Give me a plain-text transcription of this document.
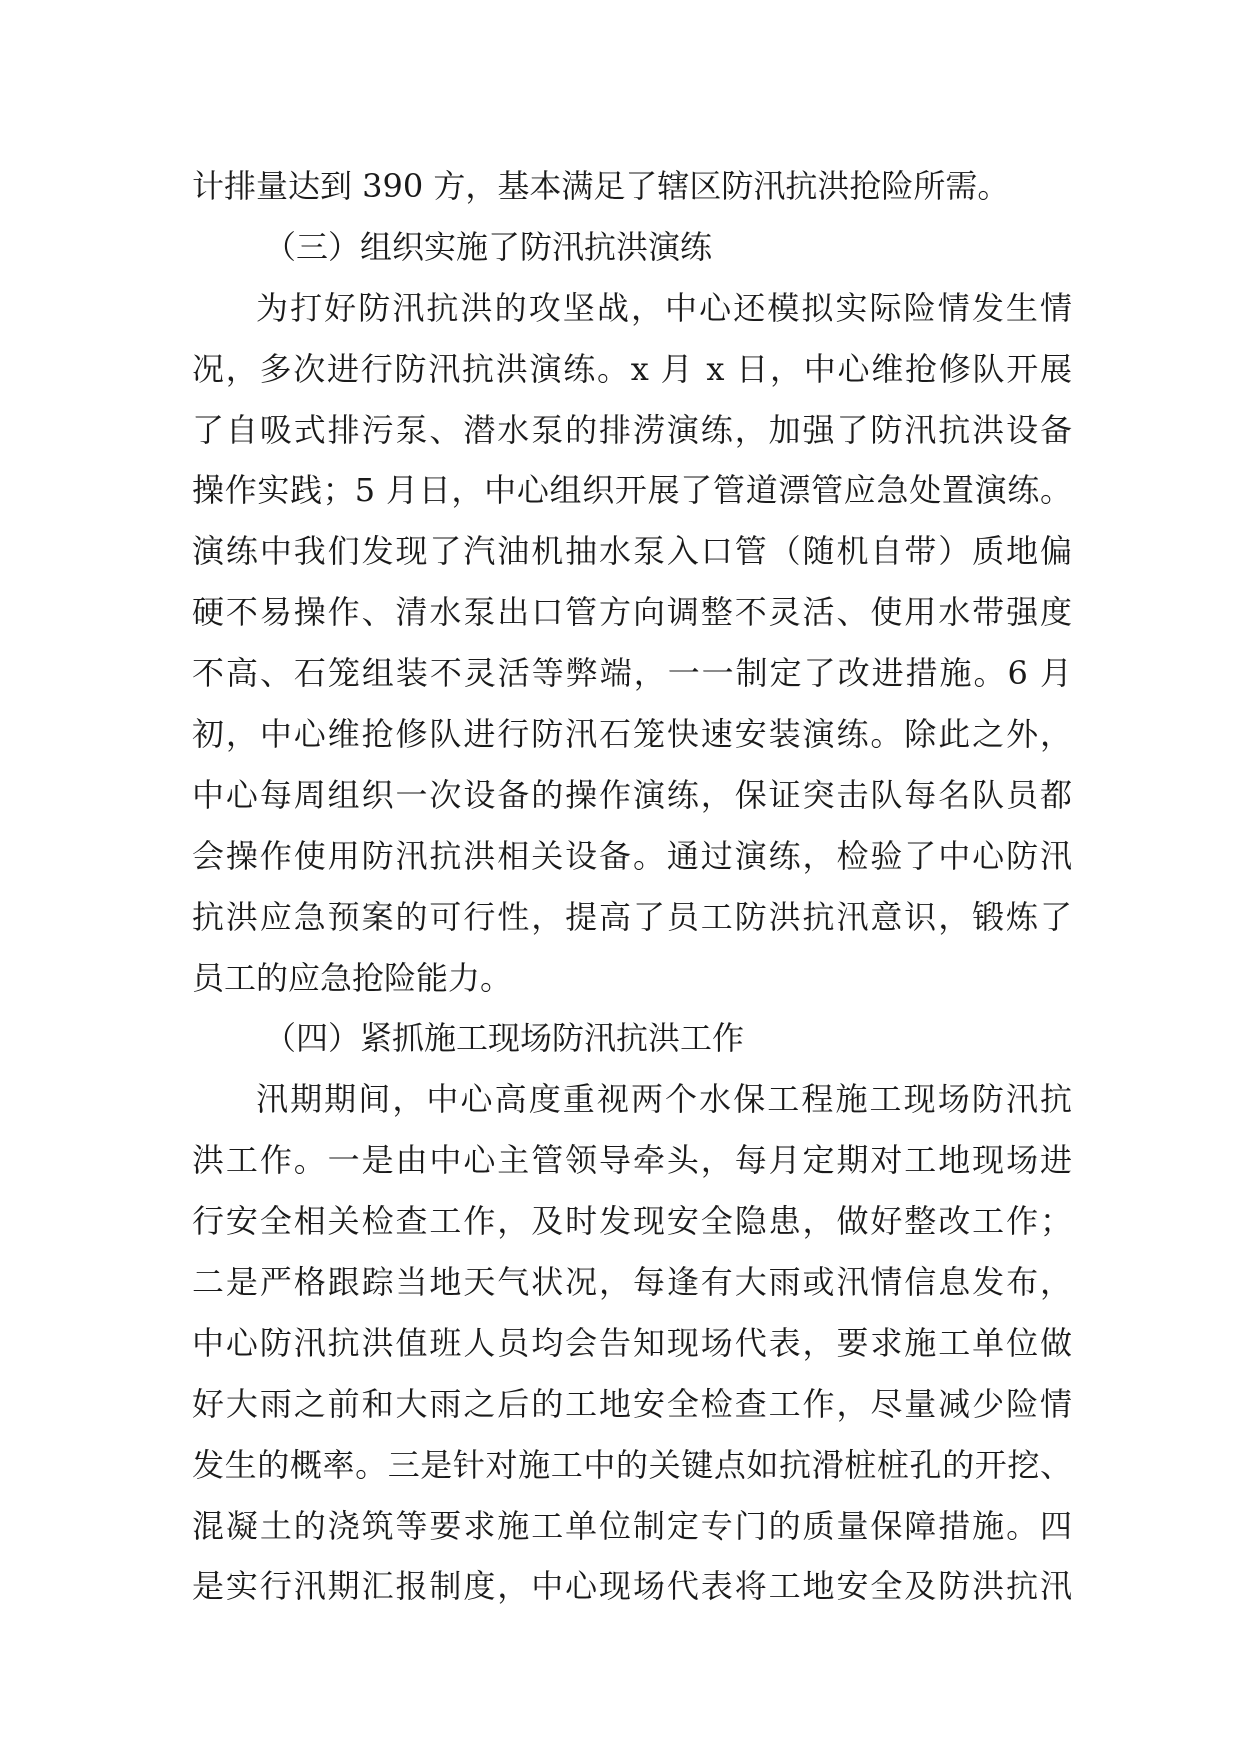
计排量达到 390 方，基本满足了辖区防汛抗洪抢险所需。
（三）组织实施了防汛抗洪演练
为打好防汛抗洪的攻坚战，中心还模拟实际险情发生情
况，多次进行防汛抗洪演练。x 月 x 日，中心维抢修队开展
了自吸式排污泵、潜水泵的排涝演练，加强了防汛抗洪设备
操作实践；5 月日，中心组织开展了管道漂管应急处置演练。
演练中我们发现了汽油机抽水泵入口管（随机自带）质地偏
硬不易操作、清水泵出口管方向调整不灵活、使用水带强度
不高、石笼组装不灵活等弊端，一一制定了改进措施。6 月
初，中心维抢修队进行防汛石笼快速安装演练。除此之外，
中心每周组织一次设备的操作演练，保证突击队每名队员都
会操作使用防汛抗洪相关设备。通过演练，检验了中心防汛
抗洪应急预案的可行性，提高了员工防洪抗汛意识，锻炼了
员工的应急抢险能力。
（四）紧抓施工现场防汛抗洪工作
汛期期间，中心高度重视两个水保工程施工现场防汛抗
洪工作。一是由中心主管领导牵头，每月定期对工地现场进
行安全相关检查工作，及时发现安全隐患，做好整改工作；
二是严格跟踪当地天气状况，每逢有大雨或汛情信息发布，
中心防汛抗洪值班人员均会告知现场代表，要求施工单位做
好大雨之前和大雨之后的工地安全检查工作，尽量减少险情
发生的概率。三是针对施工中的关键点如抗滑桩桩孔的开挖、
混凝土的浇筑等要求施工单位制定专门的质量保障措施。四
是实行汛期汇报制度，中心现场代表将工地安全及防洪抗汛
